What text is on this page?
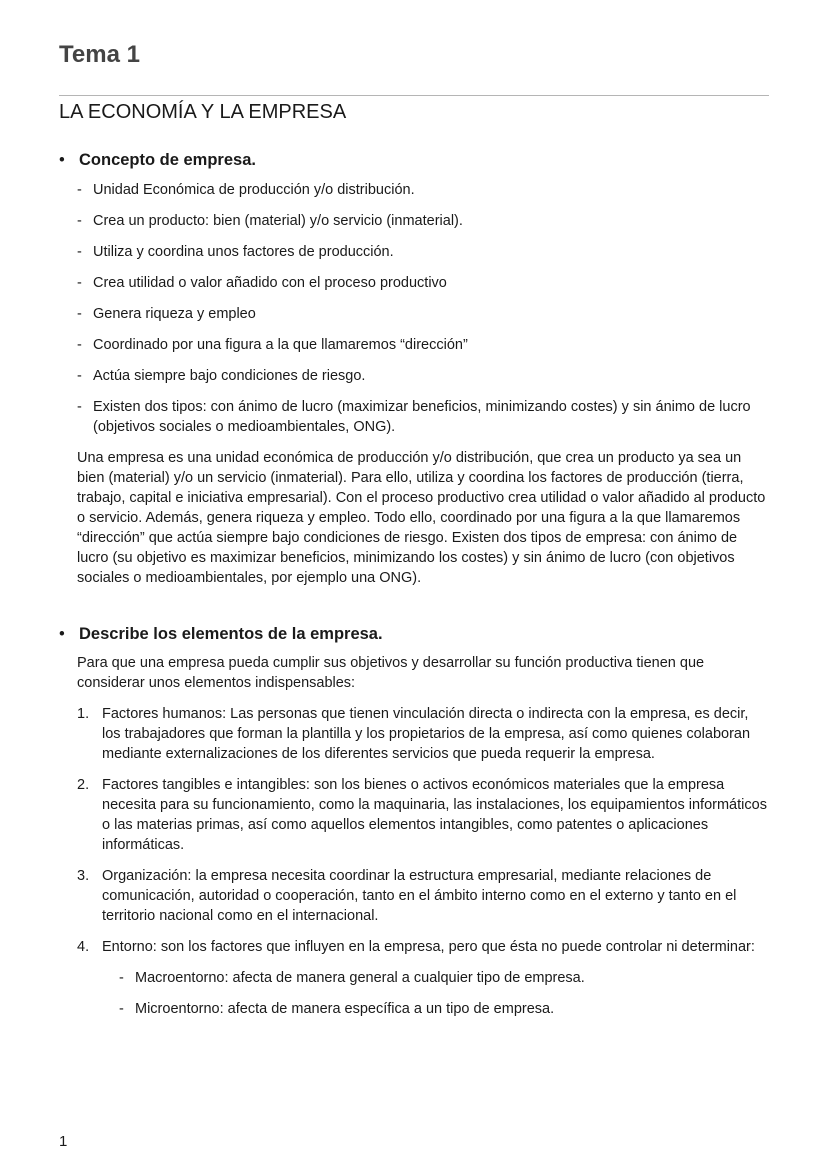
Tema 1
LA ECONOMÍA Y LA EMPRESA
• Concepto de empresa.
- Unidad Económica de producción y/o distribución.
- Crea un producto: bien (material) y/o servicio (inmaterial).
- Utiliza y coordina unos factores de producción.
- Crea utilidad o valor añadido con el proceso productivo
- Genera riqueza y empleo
- Coordinado por una figura a la que llamaremos “dirección”
- Actúa siempre bajo condiciones de riesgo.
- Existen dos tipos: con ánimo de lucro (maximizar beneficios, minimizando costes) y sin ánimo de lucro (objetivos sociales o medioambientales, ONG).

Una empresa es una unidad económica de producción y/o distribución, que crea un producto ya sea un bien (material) y/o un servicio (inmaterial). Para ello, utiliza y coordina los factores de producción (tierra, trabajo, capital e iniciativa empresarial). Con el proceso productivo crea utilidad o valor añadido al producto o servicio. Además, genera riqueza y empleo. Todo ello, coordinado por una figura a la que llamaremos “dirección” que actúa siempre bajo condiciones de riesgo. Existen dos tipos de empresa: con ánimo de lucro (su objetivo es maximizar beneficios, minimizando los costes) y sin ánimo de lucro (con objetivos sociales o medioambientales, por ejemplo una ONG).

• Describe los elementos de la empresa.

Para que una empresa pueda cumplir sus objetivos y desarrollar su función productiva tienen que considerar unos elementos indispensables:

1. Factores humanos: Las personas que tienen vinculación directa o indirecta con la empresa, es decir, los trabajadores que forman la plantilla y los propietarios de la empresa, así como quienes colaboran mediante externalizaciones de los diferentes servicios que pueda requerir la empresa.
2. Factores tangibles e intangibles: son los bienes o activos económicos materiales que la empresa necesita para su funcionamiento, como la maquinaria, las instalaciones, los equipamientos informáticos o las materias primas, así como aquellos elementos intangibles, como patentes o aplicaciones informáticas.
3. Organización: la empresa necesita coordinar la estructura empresarial, mediante relaciones de comunicación, autoridad o cooperación, tanto en el ámbito interno como en el externo y tanto en el territorio nacional como en el internacional.
4. Entorno: son los factores que influyen en la empresa, pero que ésta no puede controlar ni determinar:
- Macroentorno: afecta de manera general a cualquier tipo de empresa.
- Microentorno: afecta de manera específica a un tipo de empresa.
1
